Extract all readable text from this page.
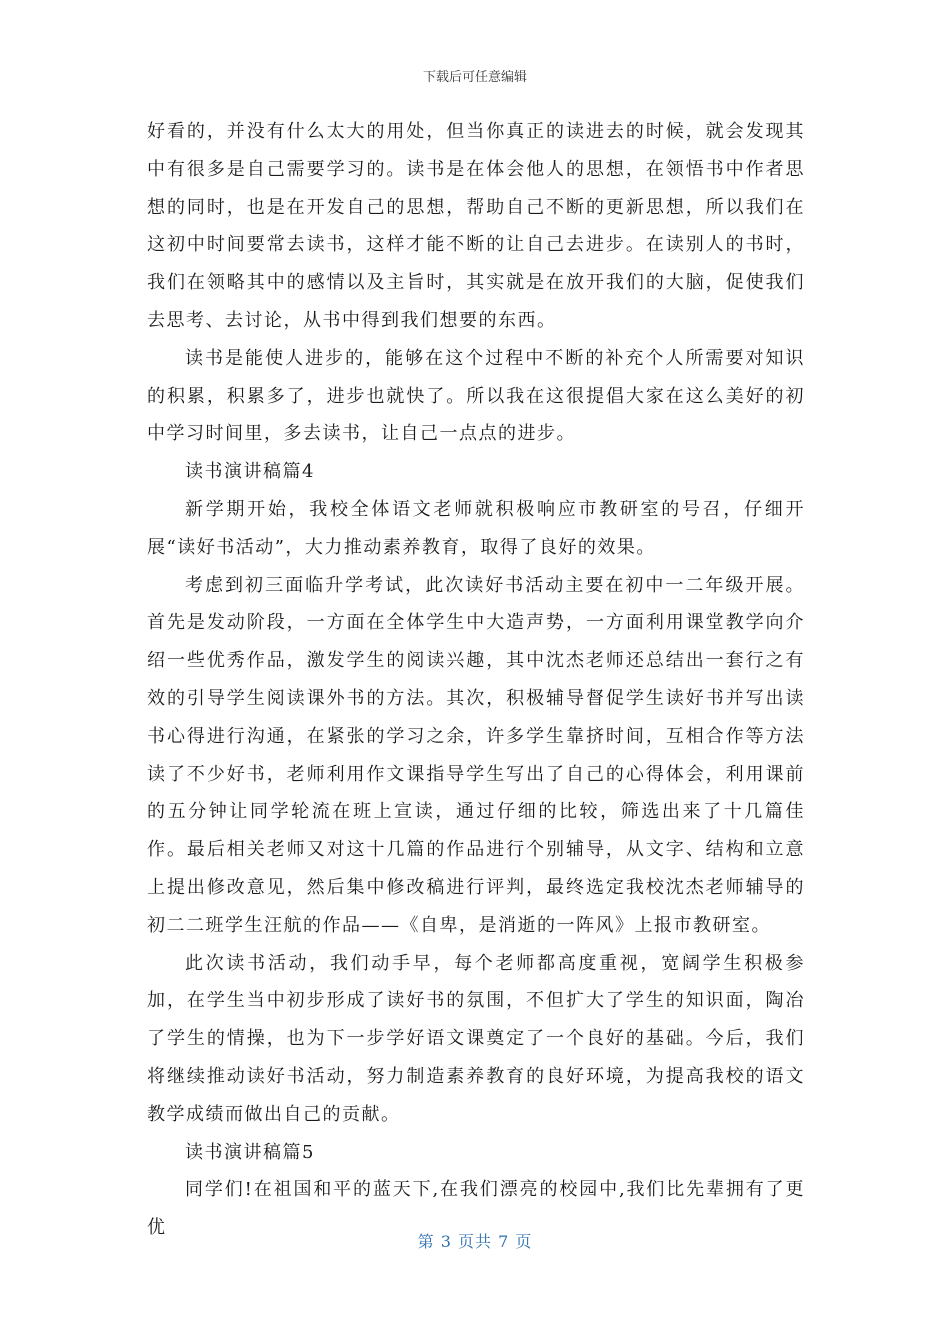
下载后可任意编辑

好看的，并没有什么太大的用处，但当你真正的读进去的时候，就会发现其中有很多是自己需要学习的。读书是在体会他人的思想，在领悟书中作者思想的同时，也是在开发自己的思想，帮助自己不断的更新思想，所以我们在这初中时间要常去读书，这样才能不断的让自己去进步。在读别人的书时，我们在领略其中的感情以及主旨时，其实就是在放开我们的大脑，促使我们去思考、去讨论，从书中得到我们想要的东西。

读书是能使人进步的，能够在这个过程中不断的补充个人所需要对知识的积累，积累多了，进步也就快了。所以我在这很提倡大家在这么美好的初中学习时间里，多去读书，让自己一点点的进步。

读书演讲稿篇4

新学期开始，我校全体语文老师就积极响应市教研室的号召，仔细开展“读好书活动”，大力推动素养教育，取得了良好的效果。

考虑到初三面临升学考试，此次读好书活动主要在初中一二年级开展。首先是发动阶段，一方面在全体学生中大造声势，一方面利用课堂教学向介绍一些优秀作品，激发学生的阅读兴趣，其中沈杰老师还总结出一套行之有效的引导学生阅读课外书的方法。其次，积极辅导督促学生读好书并写出读书心得进行沟通，在紧张的学习之余，许多学生靠挤时间，互相合作等方法读了不少好书，老师利用作文课指导学生写出了自己的心得体会，利用课前的五分钟让同学轮流在班上宣读，通过仔细的比较，筛选出来了十几篇佳作。最后相关老师又对这十几篇的作品进行个别辅导，从文字、结构和立意上提出修改意见，然后集中修改稿进行评判，最终选定我校沈杰老师辅导的初二二班学生汪航的作品——《自卑，是消逝的一阵风》上报市教研室。

此次读书活动，我们动手早，每个老师都高度重视，宽阔学生积极参加，在学生当中初步形成了读好书的氛围，不但扩大了学生的知识面，陶冶了学生的情操，也为下一步学好语文课奠定了一个良好的基础。今后，我们将继续推动读好书活动，努力制造素养教育的良好环境，为提高我校的语文教学成绩而做出自己的贡献。

读书演讲稿篇5

同学们!在祖国和平的蓝天下,在我们漂亮的校园中,我们比先辈拥有了更优

第 3 页共 7 页
